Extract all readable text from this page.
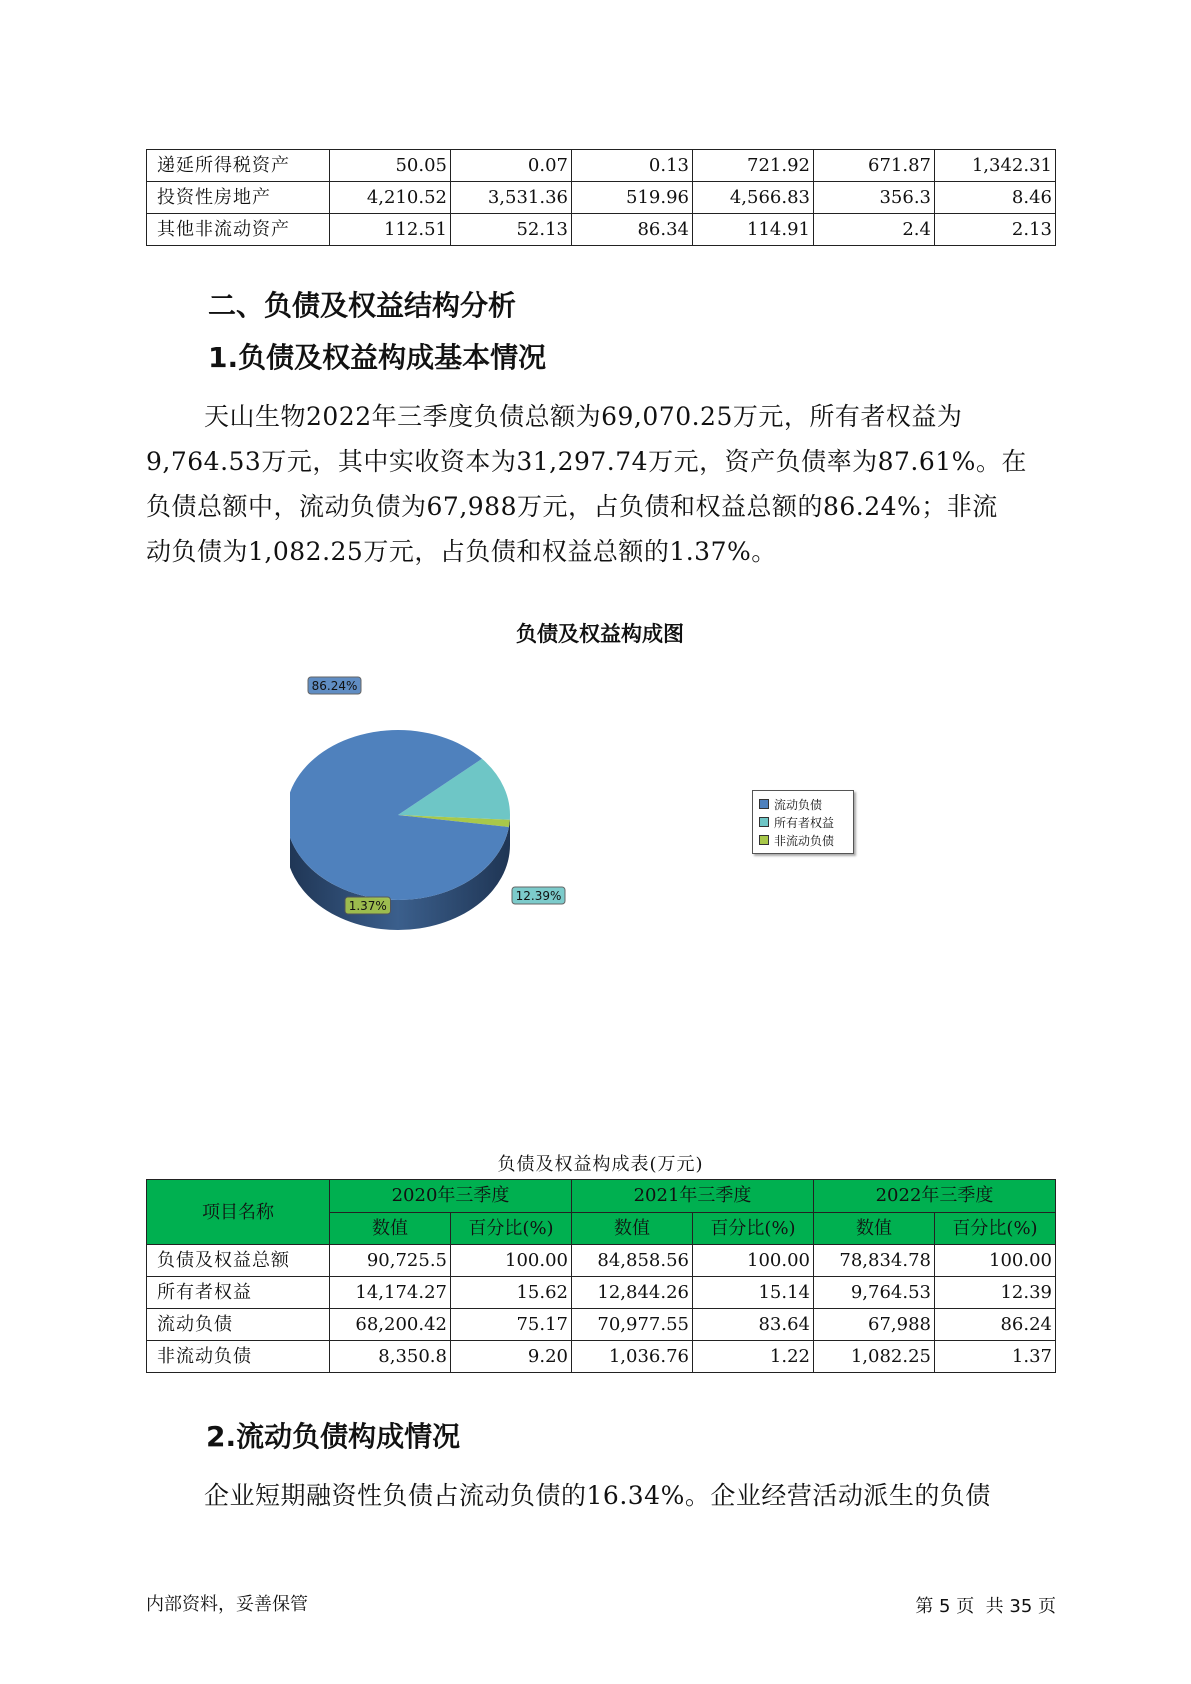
递延所得税资产	50.05	0.07	0.13	721.92	671.87	1,342.31
投资性房地产	4,210.52	3,531.36	519.96	4,566.83	356.3	8.46
其他非流动资产	112.51	52.13	86.34	114.91	2.4	2.13
二、负债及权益结构分析
1.负债及权益构成基本情况
天山生物2022年三季度负债总额为69,070.25万元，所有者权益为
9,764.53万元，其中实收资本为31,297.74万元，资产负债率为87.61%。在
负债总额中，流动负债为67,988万元，占负债和权益总额的86.24%；非流
动负债为1,082.25万元，占负债和权益总额的1.37%。
负债及权益构成图
86.24%
12.39%
1.37%
流动负债
所有者权益
非流动负债
负债及权益构成表(万元)
项目名称	2020年三季度		2021年三季度		2022年三季度	
	数值	百分比(%)	数值	百分比(%)	数值	百分比(%)
负债及权益总额	90,725.5	100.00	84,858.56	100.00	78,834.78	100.00
所有者权益	14,174.27	15.62	12,844.26	15.14	9,764.53	12.39
流动负债	68,200.42	75.17	70,977.55	83.64	67,988	86.24
非流动负债	8,350.8	9.20	1,036.76	1.22	1,082.25	1.37
2.流动负债构成情况
企业短期融资性负债占流动负债的16.34%。企业经营活动派生的负债
内部资料，妥善保管	第 5 页  共 35 页
